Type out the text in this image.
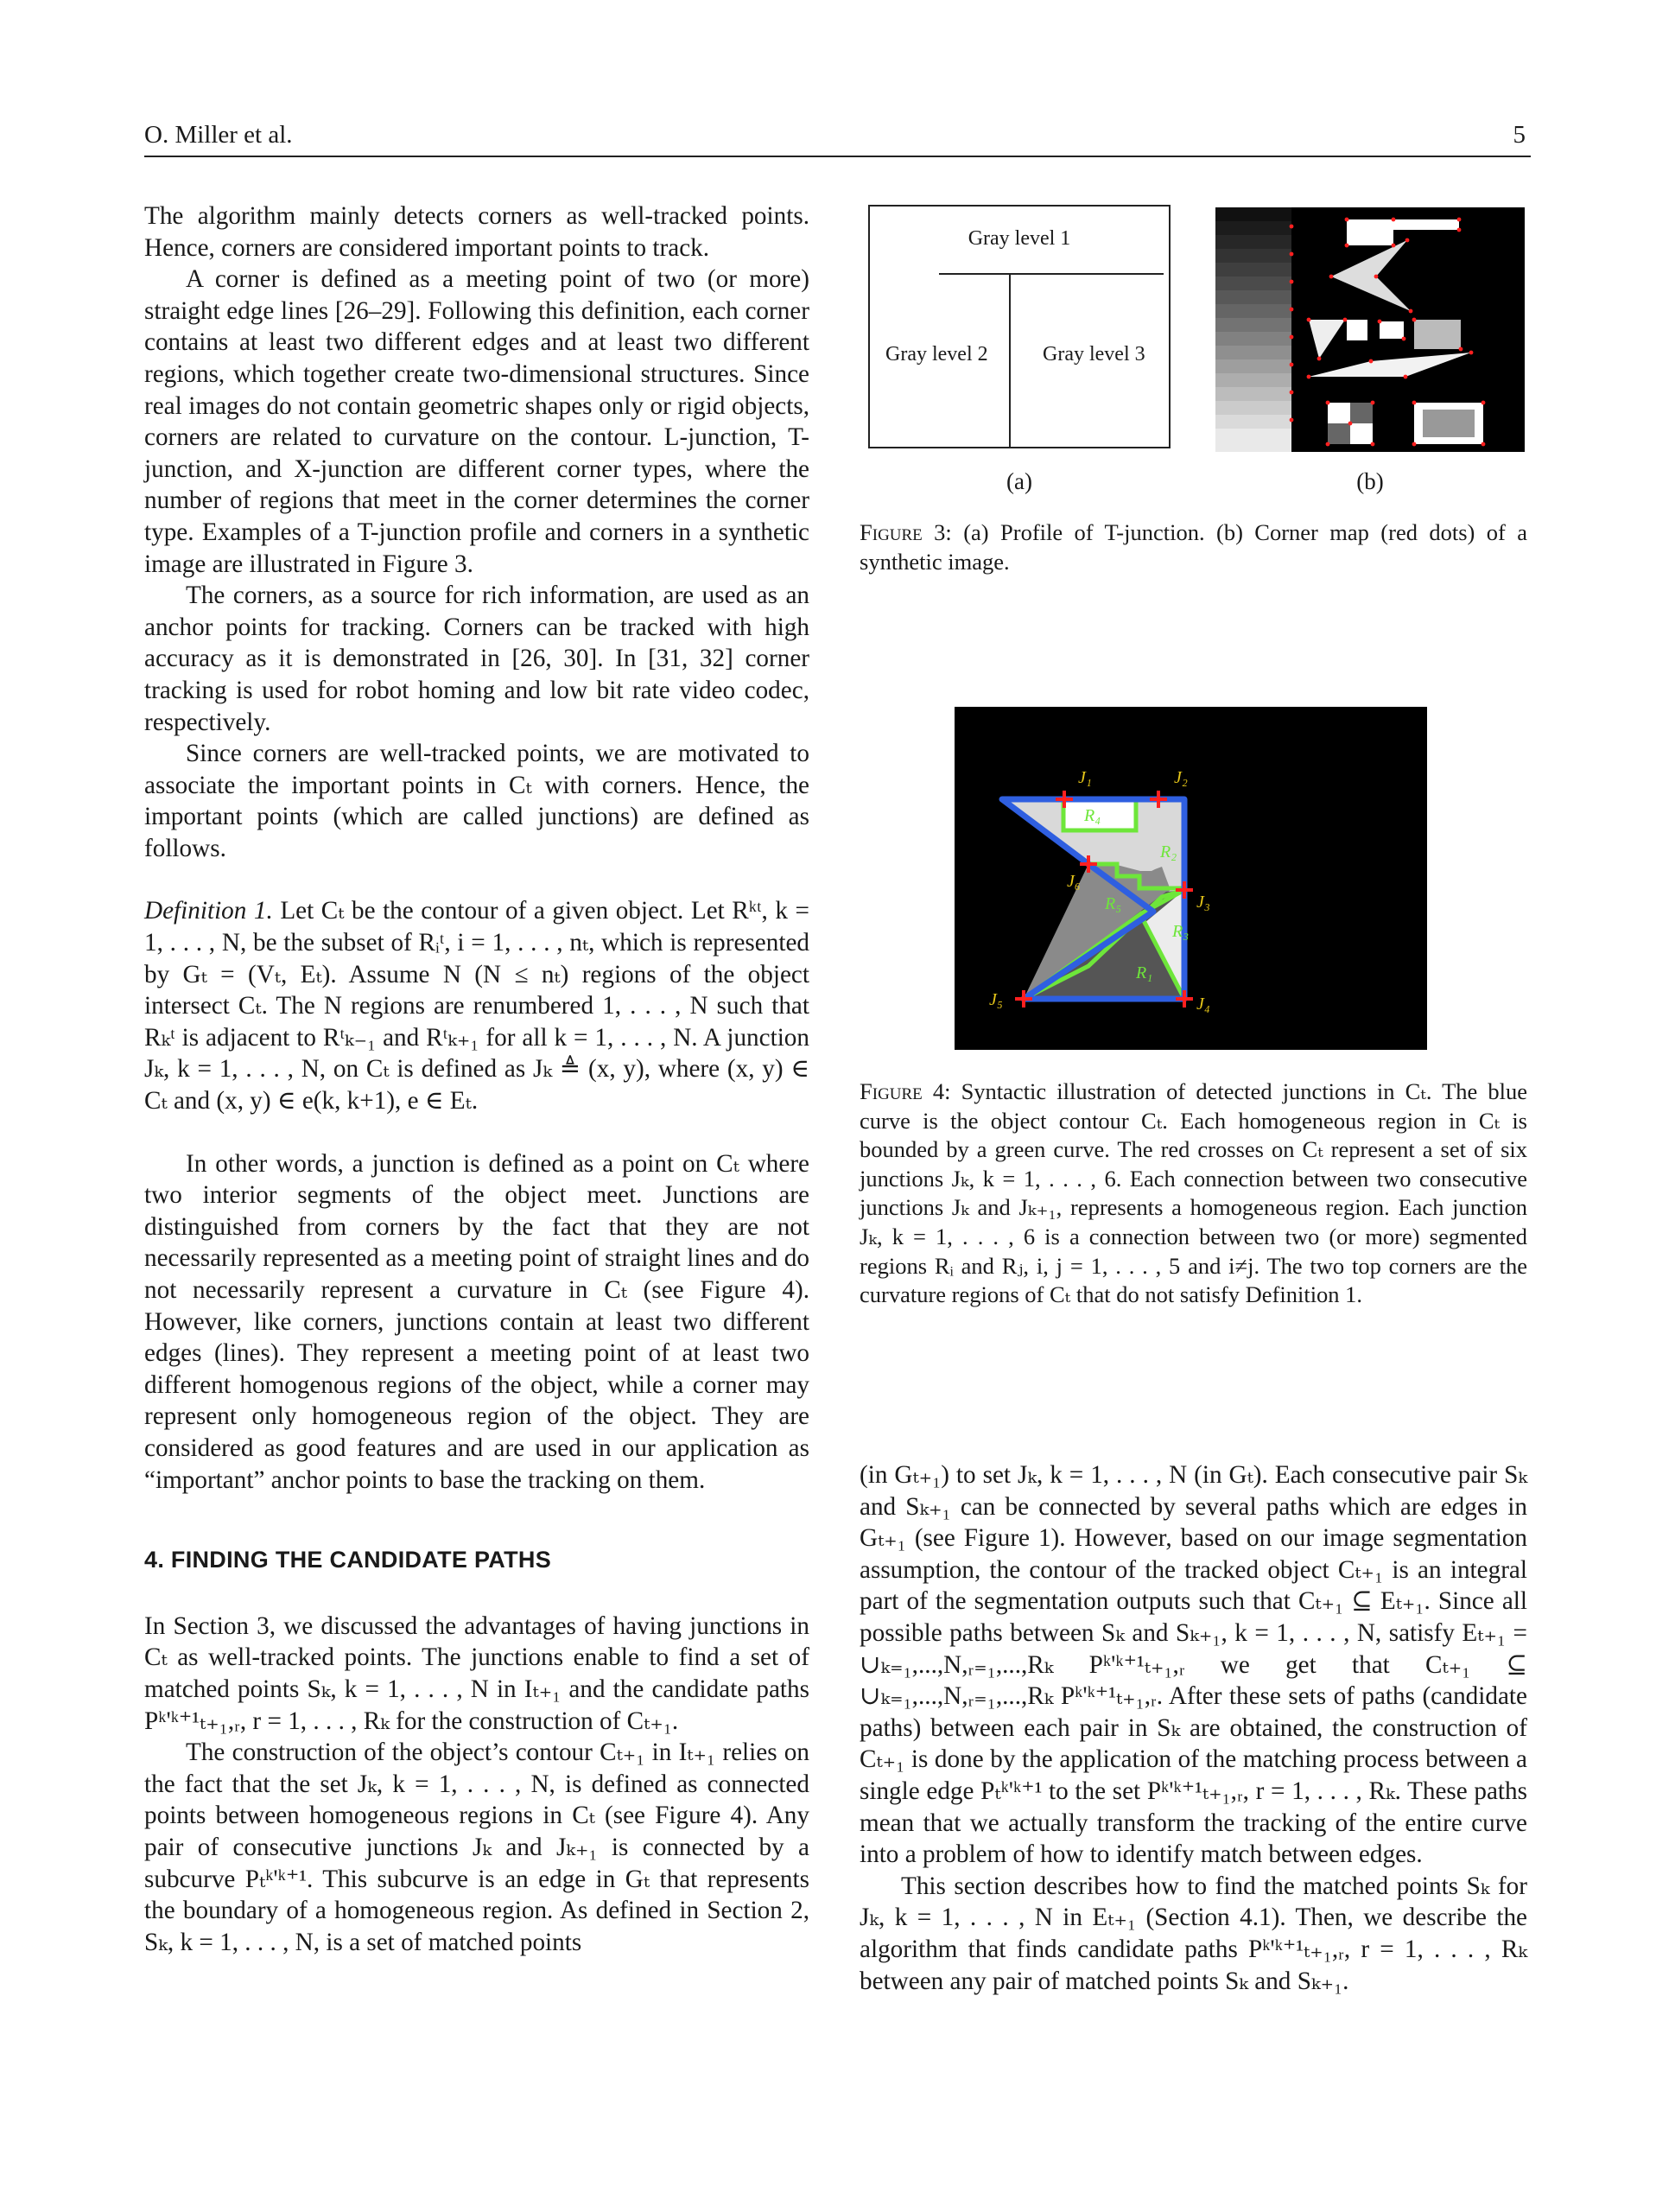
O. Miller et al.	5

The algorithm mainly detects corners as well-tracked points. Hence, corners are considered important points to track.

A corner is defined as a meeting point of two (or more) straight edge lines [26–29]. Following this definition, each corner contains at least two different edges and at least two different regions, which together create two-dimensional structures. Since real images do not contain geometric shapes only or rigid objects, corners are related to curvature on the contour. L-junction, T-junction, and X-junction are different corner types, where the number of regions that meet in the corner determines the corner type. Examples of a T-junction profile and corners in a synthetic image are illustrated in Figure 3.

The corners, as a source for rich information, are used as an anchor points for tracking. Corners can be tracked with high accuracy as it is demonstrated in [26, 30]. In [31, 32] corner tracking is used for robot homing and low bit rate video codec, respectively.

Since corners are well-tracked points, we are motivated to associate the important points in Cₜ with corners. Hence, the important points (which are called junctions) are defined as follows.

Definition 1. Let Cₜ be the contour of a given object. Let Rᵏᵗ, k = 1, . . . , N, be the subset of Rᵢᵗ, i = 1, . . . , nₜ, which is represented by Gₜ = (Vₜ, Eₜ). Assume N (N ≤ nₜ) regions of the object intersect Cₜ. The N regions are renumbered 1, . . . , N such that Rₖᵗ is adjacent to Rᵗₖ₋₁ and Rᵗₖ₊₁ for all k = 1, . . . , N. A junction Jₖ, k = 1, . . . , N, on Cₜ is defined as Jₖ ≜ (x, y), where (x, y) ∈ Cₜ and (x, y) ∈ e(k, k+1), e ∈ Eₜ.

In other words, a junction is defined as a point on Cₜ where two interior segments of the object meet. Junctions are distinguished from corners by the fact that they are not necessarily represented as a meeting point of straight lines and do not necessarily represent a curvature in Cₜ (see Figure 4). However, like corners, junctions contain at least two different edges (lines). They represent a meeting point of at least two different homogenous regions of the object, while a corner may represent only homogeneous region of the object. They are considered as good features and are used in our application as “important” anchor points to base the tracking on them.

4. FINDING THE CANDIDATE PATHS

In Section 3, we discussed the advantages of having junctions in Cₜ as well-tracked points. The junctions enable to find a set of matched points Sₖ, k = 1, . . . , N in Iₜ₊₁ and the candidate paths Pᵏ'ᵏ⁺¹ₜ₊₁,ᵣ, r = 1, . . . , Rₖ for the construction of Cₜ₊₁.

The construction of the object’s contour Cₜ₊₁ in Iₜ₊₁ relies on the fact that the set Jₖ, k = 1, . . . , N, is defined as connected points between homogeneous regions in Cₜ (see Figure 4). Any pair of consecutive junctions Jₖ and Jₖ₊₁ is connected by a subcurve Pₜᵏ'ᵏ⁺¹. This subcurve is an edge in Gₜ that represents the boundary of a homogeneous region. As defined in Section 2, Sₖ, k = 1, . . . , N, is a set of matched points

Gray level 1
Gray level 2	Gray level 3
(a)	(b)

Figure 3: (a) Profile of T-junction. (b) Corner map (red dots) of a synthetic image.

J₁	J₂
J₃
J₄
J₅
J₆
R₁
R₂
R₃
R₄
R₅

Figure 4: Syntactic illustration of detected junctions in Cₜ. The blue curve is the object contour Cₜ. Each homogeneous region in Cₜ is bounded by a green curve. The red crosses on Cₜ represent a set of six junctions Jₖ, k = 1, . . . , 6. Each connection between two consecutive junctions Jₖ and Jₖ₊₁, represents a homogeneous region. Each junction Jₖ, k = 1, . . . , 6 is a connection between two (or more) segmented regions Rᵢ and Rⱼ, i, j = 1, . . . , 5 and i≠j. The two top corners are the curvature regions of Cₜ that do not satisfy Definition 1.

(in Gₜ₊₁) to set Jₖ, k = 1, . . . , N (in Gₜ). Each consecutive pair Sₖ and Sₖ₊₁ can be connected by several paths which are edges in Gₜ₊₁ (see Figure 1). However, based on our image segmentation assumption, the contour of the tracked object Cₜ₊₁ is an integral part of the segmentation outputs such that Cₜ₊₁ ⊆ Eₜ₊₁. Since all possible paths between Sₖ and Sₖ₊₁, k = 1, . . . , N, satisfy Eₜ₊₁ = ∪ₖ₌₁,...,N,ᵣ₌₁,...,Rₖ Pᵏ'ᵏ⁺¹ₜ₊₁,ᵣ we get that Cₜ₊₁ ⊆ ∪ₖ₌₁,...,N,ᵣ₌₁,...,Rₖ Pᵏ'ᵏ⁺¹ₜ₊₁,ᵣ. After these sets of paths (candidate paths) between each pair in Sₖ are obtained, the construction of Cₜ₊₁ is done by the application of the matching process between a single edge Pₜᵏ'ᵏ⁺¹ to the set Pᵏ'ᵏ⁺¹ₜ₊₁,ᵣ, r = 1, . . . , Rₖ. These paths mean that we actually transform the tracking of the entire curve into a problem of how to identify match between edges.

This section describes how to find the matched points Sₖ for Jₖ, k = 1, . . . , N in Eₜ₊₁ (Section 4.1). Then, we describe the algorithm that finds candidate paths Pᵏ'ᵏ⁺¹ₜ₊₁,ᵣ, r = 1, . . . , Rₖ between any pair of matched points Sₖ and Sₖ₊₁.
